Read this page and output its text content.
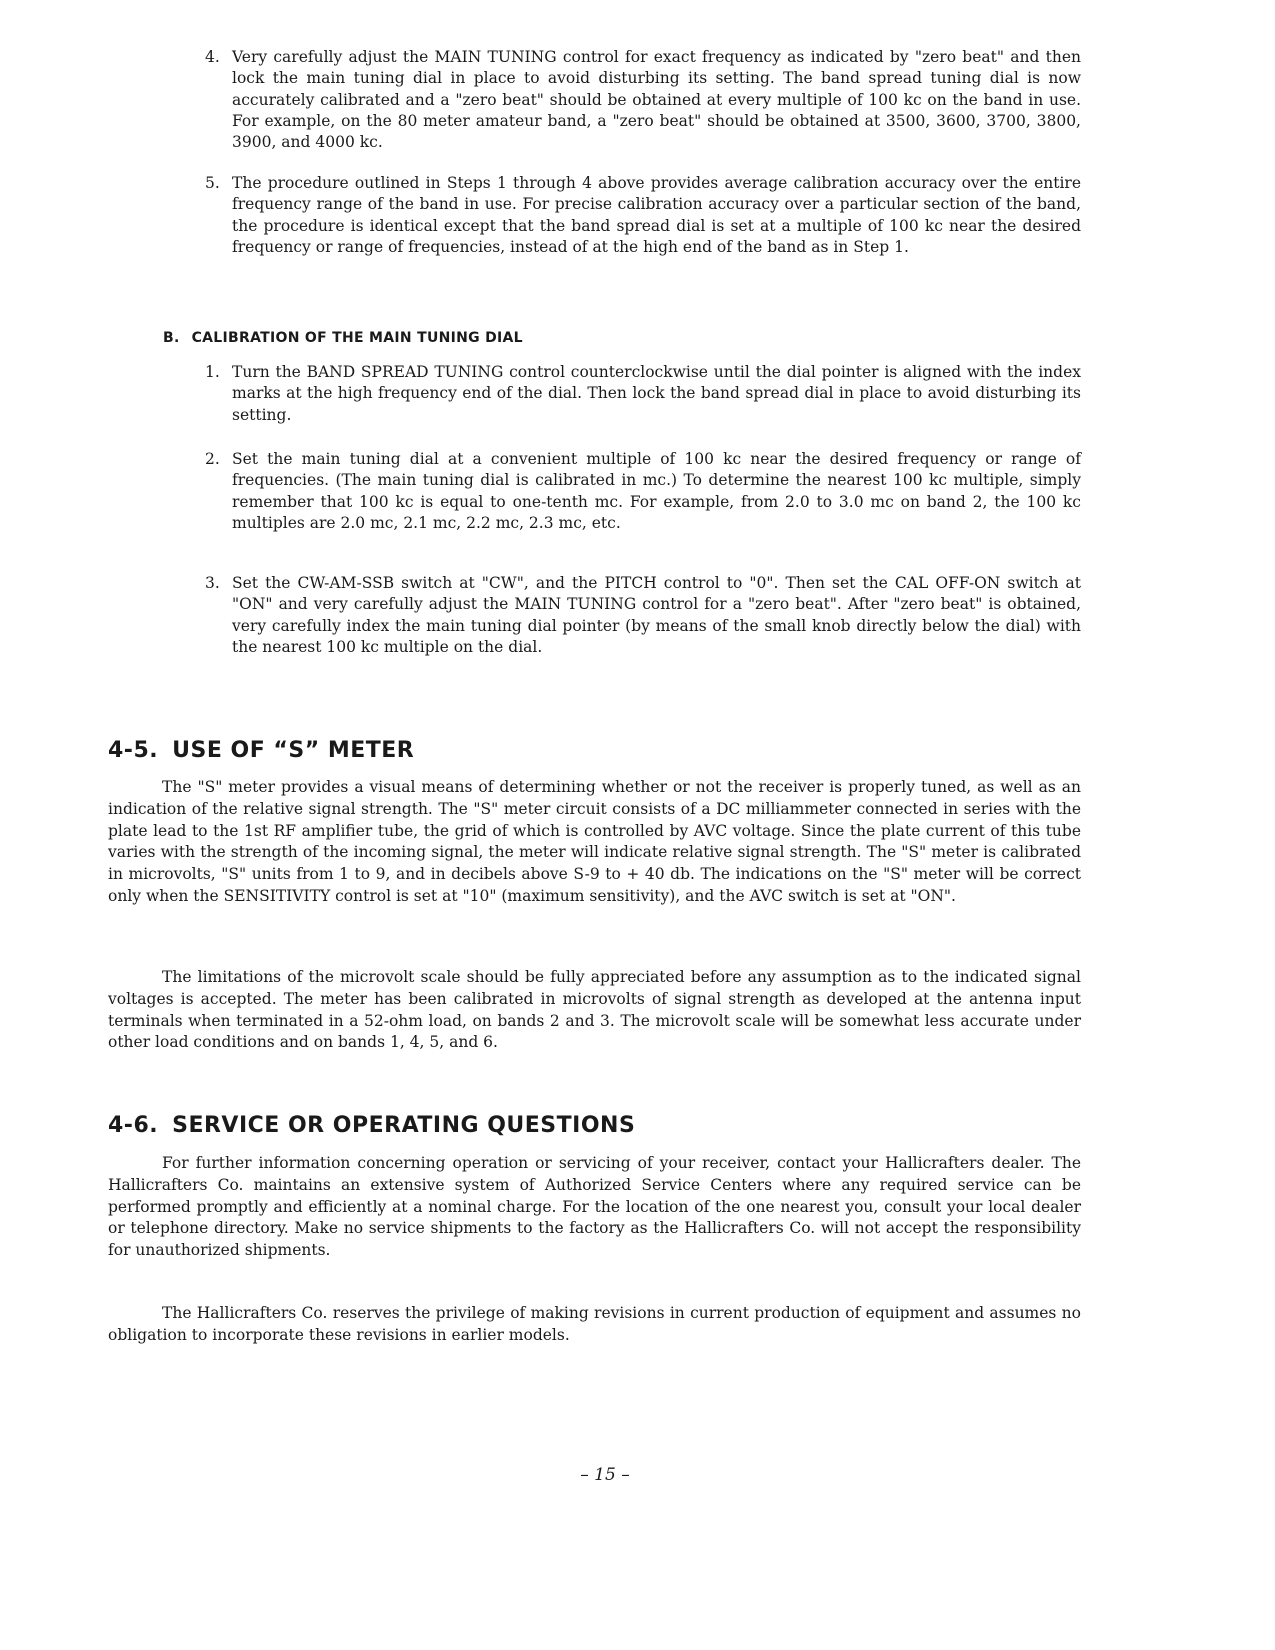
4. Very carefully adjust the MAIN TUNING control for exact frequency as indicated by "zero beat" and then lock the main tuning dial in place to avoid disturbing its setting. The band spread tuning dial is now accurately calibrated and a "zero beat" should be obtained at every multiple of 100 kc on the band in use. For example, on the 80 meter amateur band, a "zero beat" should be obtained at 3500, 3600, 3700, 3800, 3900, and 4000 kc.
5. The procedure outlined in Steps 1 through 4 above provides average calibration accuracy over the entire frequency range of the band in use. For precise calibration accuracy over a particular section of the band, the procedure is identical except that the band spread dial is set at a multiple of 100 kc near the desired frequency or range of frequencies, instead of at the high end of the band as in Step 1.
B. CALIBRATION OF THE MAIN TUNING DIAL
1. Turn the BAND SPREAD TUNING control counterclockwise until the dial pointer is aligned with the index marks at the high frequency end of the dial. Then lock the band spread dial in place to avoid disturbing its setting.
2. Set the main tuning dial at a convenient multiple of 100 kc near the desired frequency or range of frequencies. (The main tuning dial is calibrated in mc.) To determine the nearest 100 kc multiple, simply remember that 100 kc is equal to one-tenth mc. For example, from 2.0 to 3.0 mc on band 2, the 100 kc multiples are 2.0 mc, 2.1 mc, 2.2 mc, 2.3 mc, etc.
3. Set the CW-AM-SSB switch at "CW", and the PITCH control to "0". Then set the CAL OFF-ON switch at "ON" and very carefully adjust the MAIN TUNING control for a "zero beat". After "zero beat" is obtained, very carefully index the main tuning dial pointer (by means of the small knob directly below the dial) with the nearest 100 kc multiple on the dial.
4-5. USE OF “S” METER
The "S" meter provides a visual means of determining whether or not the receiver is properly tuned, as well as an indication of the relative signal strength. The "S" meter circuit consists of a DC milliammeter connected in series with the plate lead to the 1st RF amplifier tube, the grid of which is controlled by AVC voltage. Since the plate current of this tube varies with the strength of the incoming signal, the meter will indicate relative signal strength. The "S" meter is calibrated in microvolts, "S" units from 1 to 9, and in decibels above S-9 to + 40 db. The indications on the "S" meter will be correct only when the SENSITIVITY control is set at "10" (maximum sensitivity), and the AVC switch is set at "ON".
The limitations of the microvolt scale should be fully appreciated before any assumption as to the indicated signal voltages is accepted. The meter has been calibrated in microvolts of signal strength as developed at the antenna input terminals when terminated in a 52-ohm load, on bands 2 and 3. The microvolt scale will be somewhat less accurate under other load conditions and on bands 1, 4, 5, and 6.
4-6. SERVICE OR OPERATING QUESTIONS
For further information concerning operation or servicing of your receiver, contact your Hallicrafters dealer. The Hallicrafters Co. maintains an extensive system of Authorized Service Centers where any required service can be performed promptly and efficiently at a nominal charge. For the location of the one nearest you, consult your local dealer or telephone directory. Make no service shipments to the factory as the Hallicrafters Co. will not accept the responsibility for unauthorized shipments.
The Hallicrafters Co. reserves the privilege of making revisions in current production of equipment and assumes no obligation to incorporate these revisions in earlier models.
– 15 –
